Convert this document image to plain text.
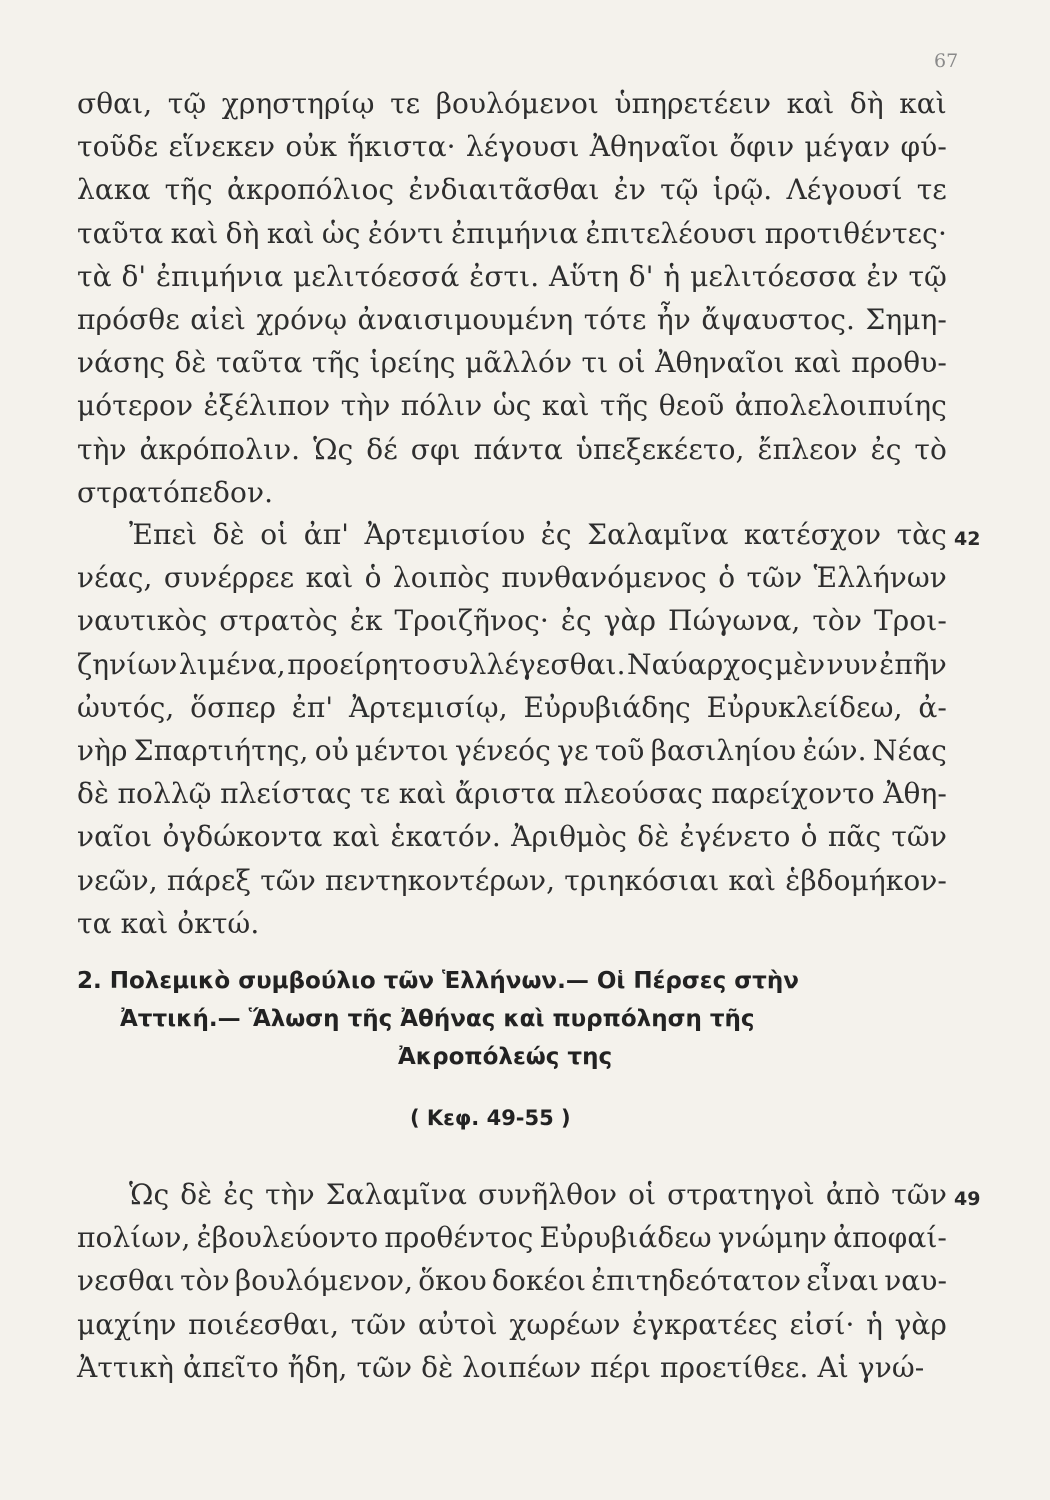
67
σθαι, τῷ χρηστηρίῳ τε βουλόμενοι ὑπηρετέειν καὶ δὴ καὶ
τοῦδε εἵνεκεν οὐκ ἥκιστα· λέγουσι Ἀθηναῖοι ὄφιν μέγαν φύ-
λακα τῆς ἀκροπόλιος ἐνδιαιτᾶσθαι ἐν τῷ ἱρῷ. Λέγουσί τε
ταῦτα καὶ δὴ καὶ ὡς ἐόντι ἐπιμήνια ἐπιτελέουσι προτιθέντες·
τὰ δ' ἐπιμήνια μελιτόεσσά ἐστι. Αὕτη δ' ἡ μελιτόεσσα ἐν τῷ
πρόσθε αἰεὶ χρόνῳ ἀναισιμουμένη τότε ἦν ἄψαυστος. Σημη-
νάσης δὲ ταῦτα τῆς ἱρείης μᾶλλόν τι οἱ Ἀθηναῖοι καὶ προθυ-
μότερον ἐξέλιπον τὴν πόλιν ὡς καὶ τῆς θεοῦ ἀπολελοιπυίης
τὴν ἀκρόπολιν. Ὡς δέ σφι πάντα ὑπεξεκέετο, ἔπλεον ἐς τὸ
στρατόπεδον.
Ἐπεὶ δὲ οἱ ἀπ' Ἀρτεμισίου ἐς Σαλαμῖνα κατέσχον τὰς
νέας, συνέρρεε καὶ ὁ λοιπὸς πυνθανόμενος ὁ τῶν Ἑλλήνων
ναυτικὸς στρατὸς ἐκ Τροιζῆνος· ἐς γὰρ Πώγωνα, τὸν Τροι-
ζηνίων λιμένα, προείρητο συλλέγεσθαι. Ναύαρχος μὲν νυν ἐπῆν
ὠυτός, ὅσπερ ἐπ' Ἀρτεμισίῳ, Εὐρυβιάδης Εὐρυκλείδεω, ἀ-
νὴρ Σπαρτιήτης, οὐ μέντοι γένεός γε τοῦ βασιληίου ἐών. Νέας
δὲ πολλῷ πλείστας τε καὶ ἄριστα πλεούσας παρείχοντο Ἀθη-
ναῖοι ὀγδώκοντα καὶ ἑκατόν. Ἀριθμὸς δὲ ἐγένετο ὁ πᾶς τῶν
νεῶν, πάρεξ τῶν πεντηκοντέρων, τριηκόσιαι καὶ ἑβδομήκον-
τα καὶ ὀκτώ.
42
2. Πολεμικὸ συμβούλιο τῶν Ἑλλήνων.— Οἱ Πέρσες στὴν
Ἀττική.— Ἅλωση τῆς Ἀθήνας καὶ πυρπόληση τῆς
Ἀκροπόλεώς της
( Κεφ. 49-55 )
Ὡς δὲ ἐς τὴν Σαλαμῖνα συνῆλθον οἱ στρατηγοὶ ἀπὸ τῶν
πολίων, ἐβουλεύοντο προθέντος Εὐρυβιάδεω γνώμην ἀποφαί-
νεσθαι τὸν βουλόμενον, ὅκου δοκέοι ἐπιτηδεότατον εἶναι ναυ-
μαχίην ποιέεσθαι, τῶν αὐτοὶ χωρέων ἐγκρατέες εἰσί· ἡ γὰρ
Ἀττικὴ ἀπεῖτο ἤδη, τῶν δὲ λοιπέων πέρι προετίθεε. Αἱ γνώ-
49
